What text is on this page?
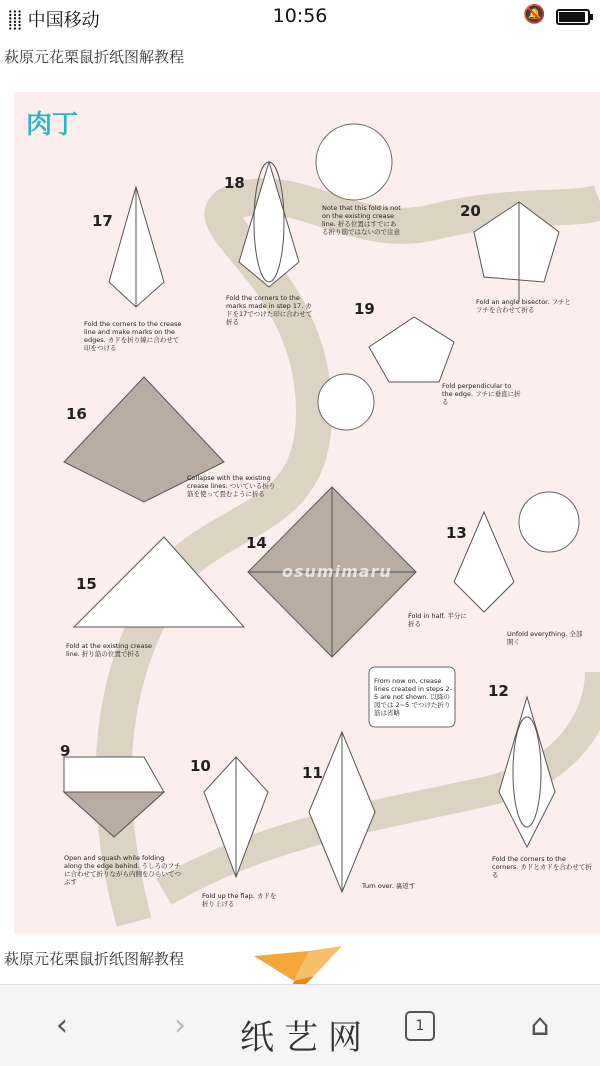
⸽⸽⸽ 中国移动	10:56	🔕
萩原元花栗鼠折纸图解教程
肉丁
17
Fold the corners to the crease line and make marks on the edges. カドを折り線に合わせて印をつける
18
Fold the corners to the marks made in step 17. カドを17でつけた印に合わせて折る
Note that this fold is not on the existing crease line. 折る位置はすでにある折り筋ではないので注意
19
Fold perpendicular to the edge. フチに垂直に折る
20
Fold an angle bisector. フチとフチを合わせて折る
16
Collapse with the existing crease lines. ついている折り筋を使って畳むように折る
15
Fold at the existing crease line. 折り筋の位置で折る
14
Fold in half. 半分に折る
osumimaru
13
Unfold everything. 全部開く
From now on, crease lines created in steps 2-5 are not shown. 以降の図では 2~5 でつけた折り筋は省略
12
Fold the corners to the corners. カドとカドを合わせて折る
11
Turn over. 裏返す
10
Fold up the flap. カドを折り上げる
9
Open and squash while folding along the edge behind. うしろのフチに合わせて折りながら内側をひらいてつぶす
萩原元花栗鼠折纸图解教程
‹	›	1	⌂
纸艺网
